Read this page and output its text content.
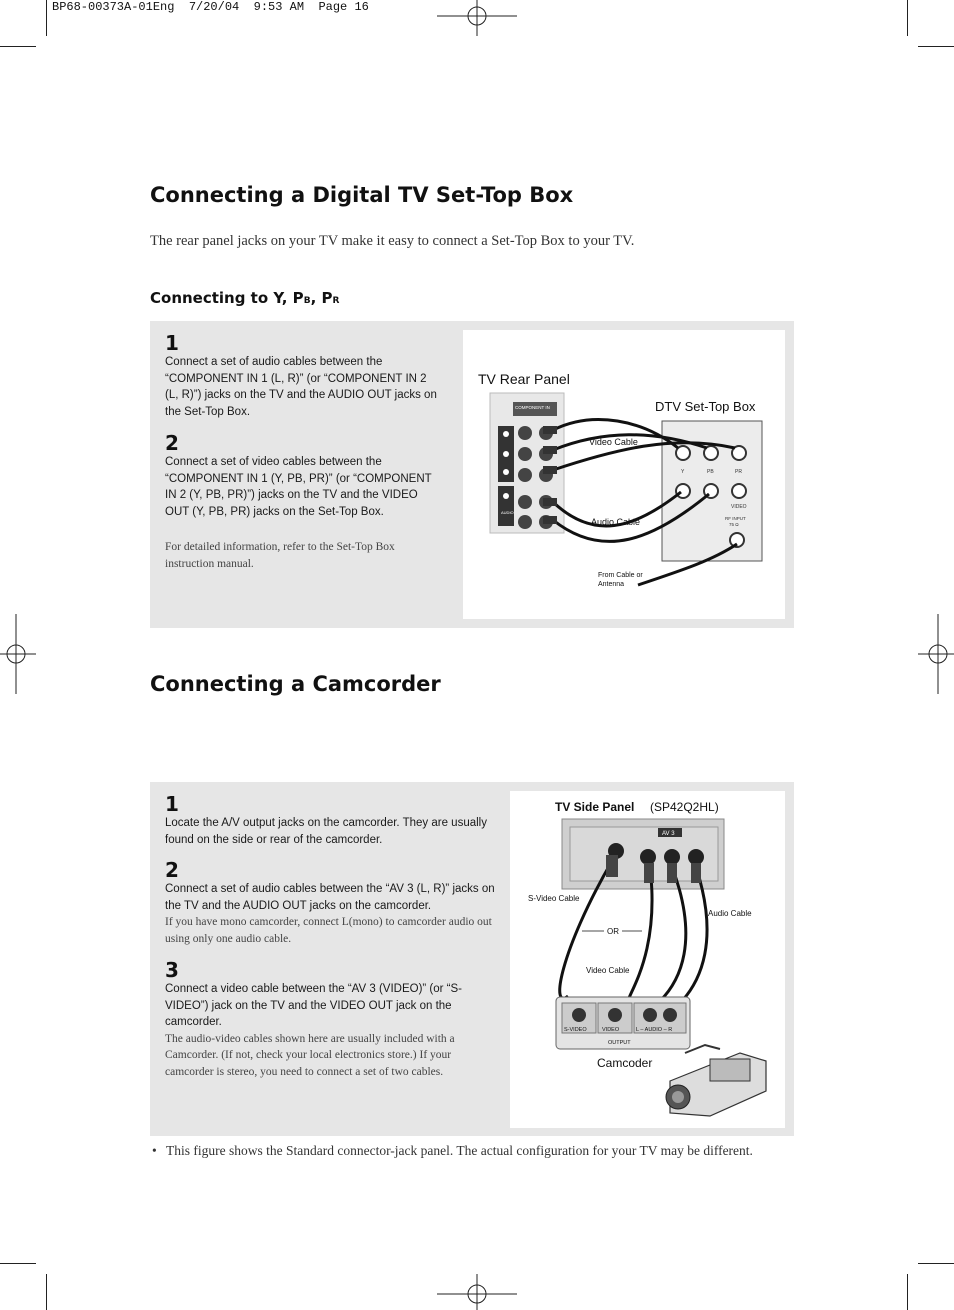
BP68-00373A-01Eng  7/20/04  9:53 AM  Page 16
Connecting a Digital TV Set-Top Box

The rear panel jacks on your TV make it easy to connect a Set-Top Box to your TV.

Connecting to Y, PB, PR
1

Connect a set of audio cables between the “COMPONENT IN 1 (L, R)” (or “COMPONENT IN 2 (L, R)”) jacks on the TV and the AUDIO OUT jacks on the Set-Top Box.

2

Connect a set of video cables between the “COMPONENT IN 1 (Y, PB, PR)” (or “COMPONENT IN 2 (Y, PB, PR)”) jacks on the TV and the VIDEO OUT (Y, PB, PR) jacks on the Set-Top Box.

For detailed information, refer to the Set-Top Box instruction manual.

TV Rear Panel
DTV Set-Top Box
AUDIO
COMPONENT IN
Y	PB	PR
VIDEO
RF INPUT
75 Ω
Video Cable
Audio Cable
From Cable or
Antenna
Connecting a Camcorder
1

Locate the A/V output jacks on the camcorder. They are usually found on the side or rear of the camcorder.

2

Connect a set of audio cables between the “AV 3 (L, R)” jacks on the TV and the AUDIO OUT jacks on the camcorder.

If you have mono camcorder, connect L(mono) to camcorder audio out using only one audio cable.

3

Connect a video cable between the “AV 3 (VIDEO)” (or “S-VIDEO”) jack on the TV and the VIDEO OUT jack on the camcorder.

The audio-video cables shown here are usually included with a Camcorder. (If not, check your local electronics store.) If your camcorder is stereo, you need to connect a set of two cables.

TV Side Panel (SP42Q2HL)
AV 3
S-Video Cable
Audio Cable
OR
Video Cable
S-VIDEO	VIDEO	L – AUDIO – R
OUTPUT
Camcoder
• This figure shows the Standard connector-jack panel. The actual configuration for your TV may be different.
